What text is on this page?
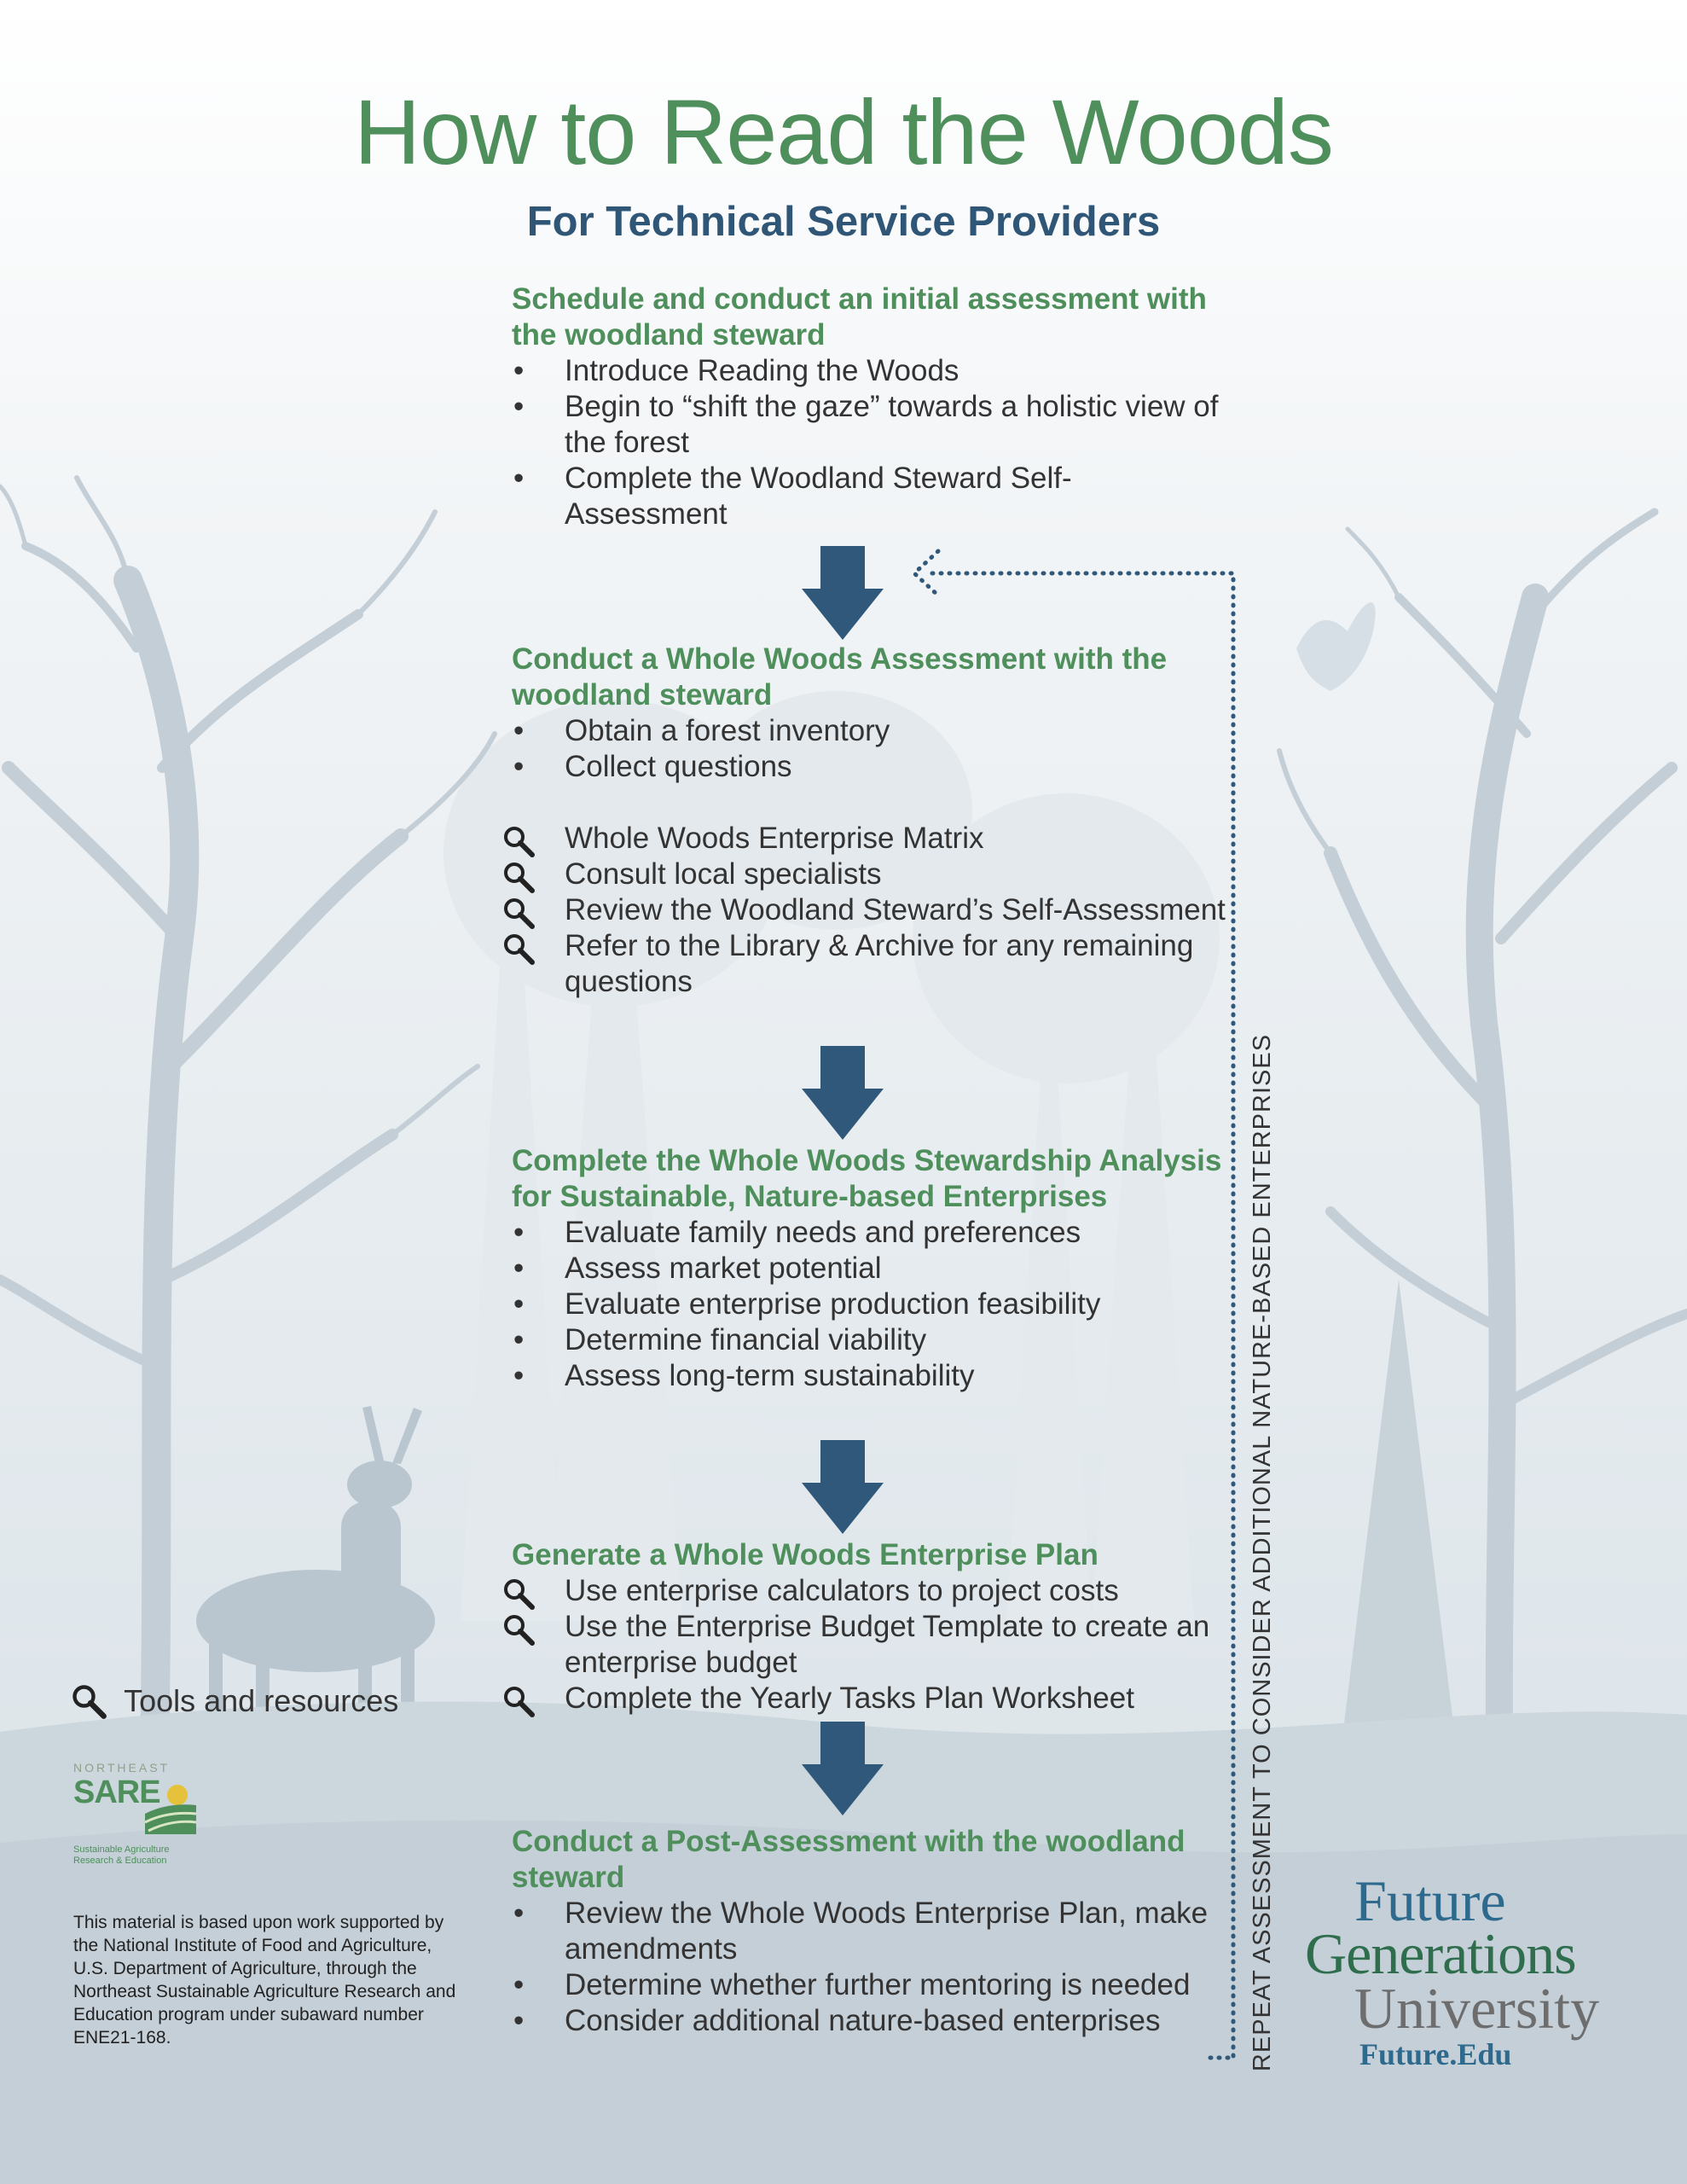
How to Read the Woods
For Technical Service Providers
Schedule and conduct an initial assessment with the woodland steward
• Introduce Reading the Woods
• Begin to “shift the gaze” towards a holistic view of the forest
• Complete the Woodland Steward Self-Assessment
Conduct a Whole Woods Assessment with the woodland steward
• Obtain a forest inventory
• Collect questions
Whole Woods Enterprise Matrix
Consult local specialists
Review the Woodland Steward’s Self-Assessment
Refer to the Library & Archive for any remaining questions
Complete the Whole Woods Stewardship Analysis for Sustainable, Nature-based Enterprises
• Evaluate family needs and preferences
• Assess market potential
• Evaluate enterprise production feasibility
• Determine financial viability
• Assess long-term sustainability
Generate a Whole Woods Enterprise Plan
Use enterprise calculators to project costs
Use the Enterprise Budget Template to create an enterprise budget
Complete the Yearly Tasks Plan Worksheet
Conduct a Post-Assessment with the woodland steward
• Review the Whole Woods Enterprise Plan, make amendments
• Determine whether further mentoring is needed
• Consider additional nature-based enterprises	REPEAT ASSESSMENT TO CONSIDER ADDITIONAL NATURE-BASED ENTERPRISES
Tools and resources
NORTHEAST
SARE
Sustainable Agriculture Research & Education

This material is based upon work supported by the National Institute of Food and Agriculture, U.S. Department of Agriculture, through the Northeast Sustainable Agriculture Research and Education program under subaward number ENE21-168.

Future
Generations
University
Future.Edu
